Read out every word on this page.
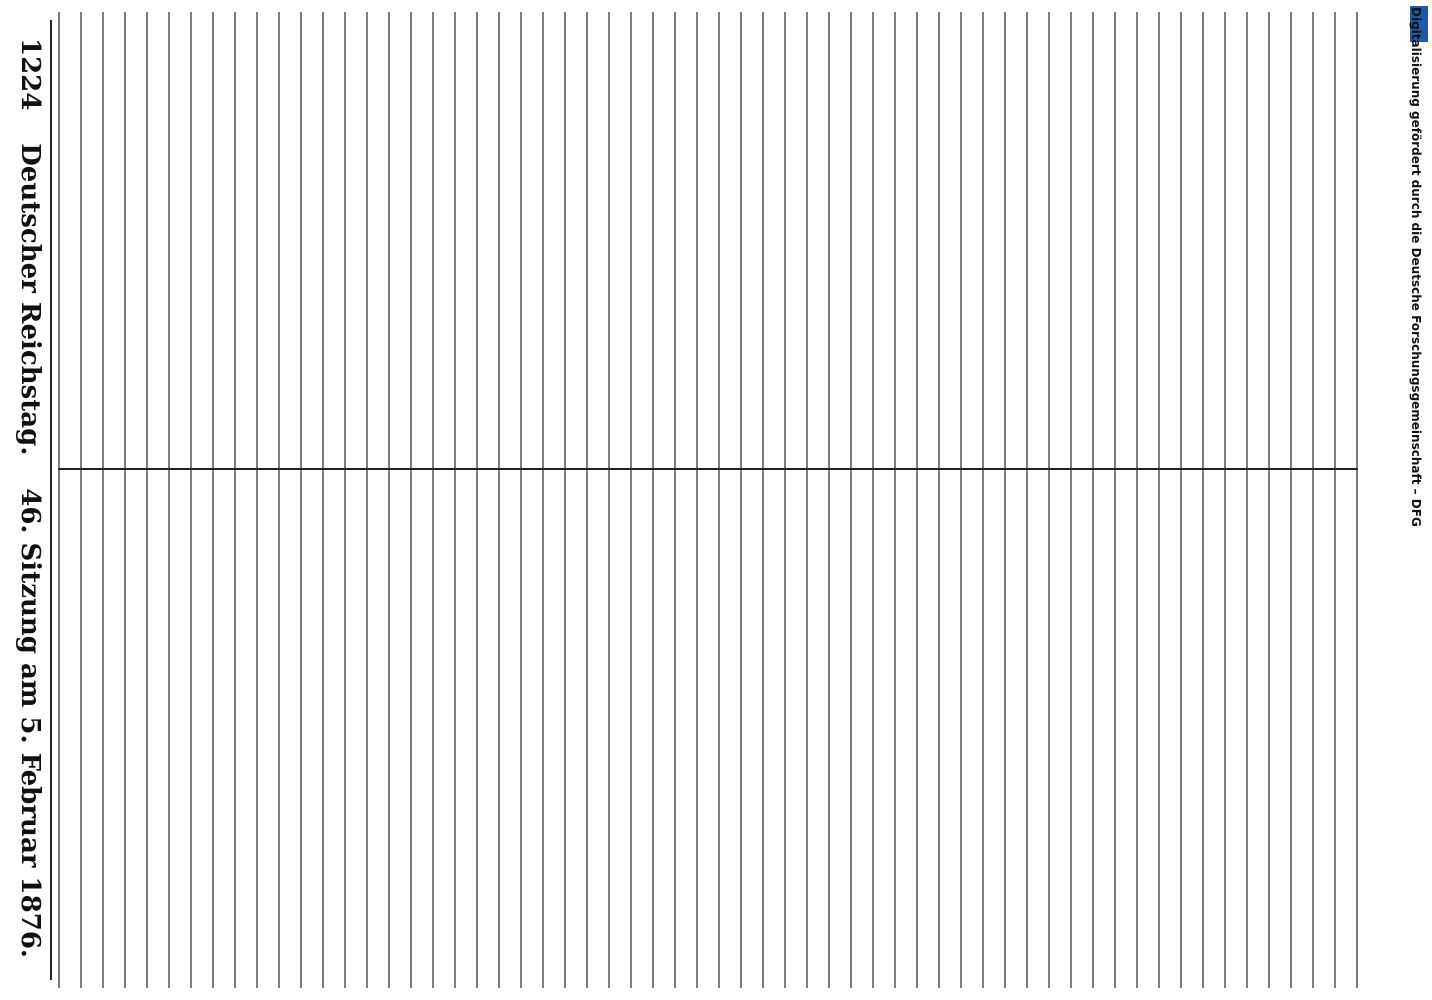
1224
Deutscher Reichstag.
46. Sitzung am 5. Februar 1876.
Digitalisierung gefördert durch die Deutsche Forschungsgemeinschaft – DFG
